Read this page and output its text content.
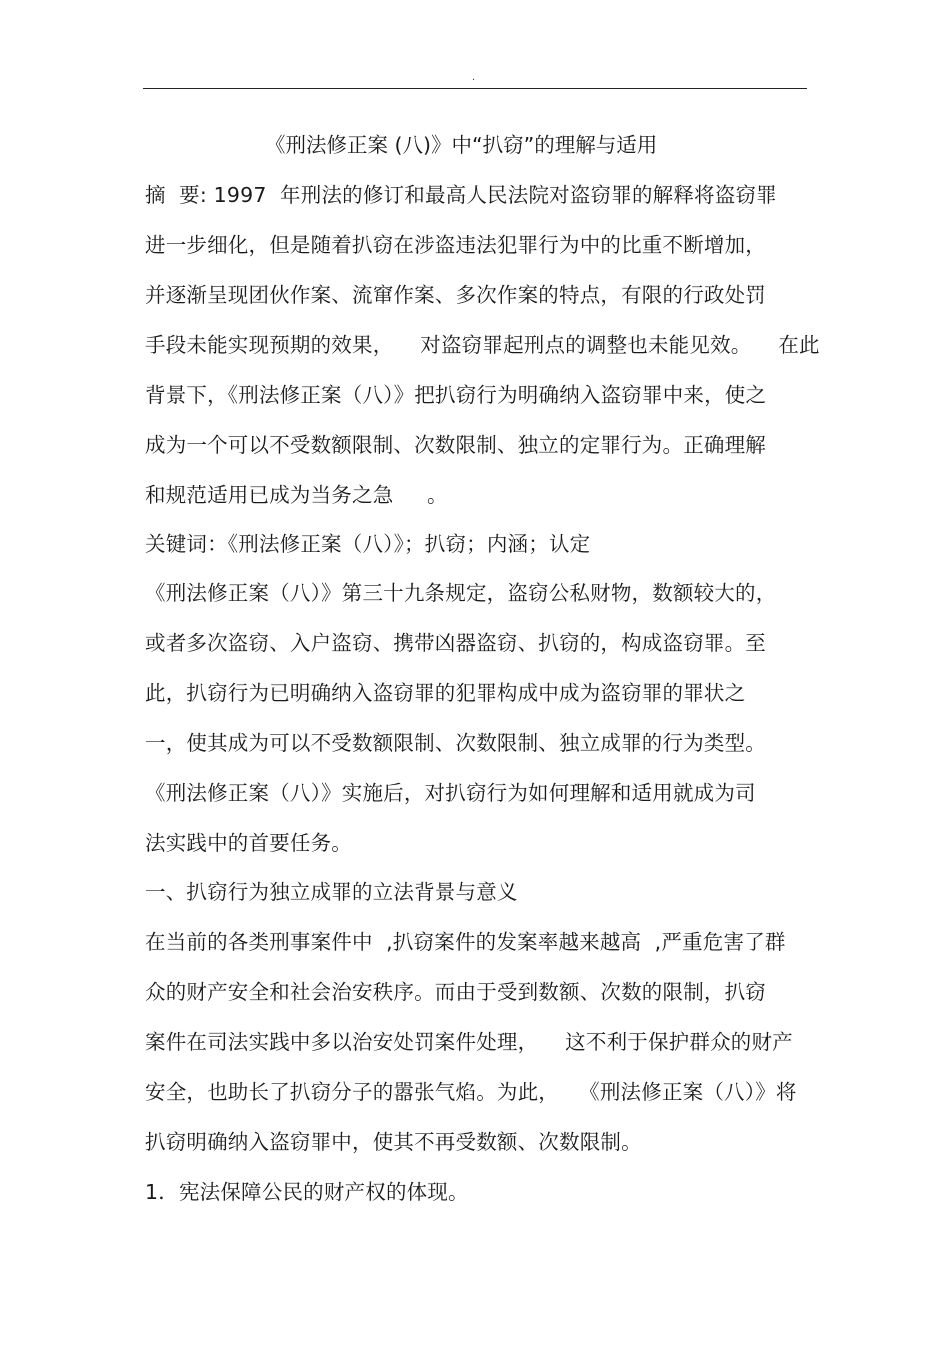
.
《刑法修正案 (八)》中“扒窃”的理解与适用
摘  要: 1997  年刑法的修订和最高人民法院对盗窃罪的解释将盗窃罪
进一步细化，但是随着扒窃在涉盗违法犯罪行为中的比重不断增加，
并逐渐呈现团伙作案、流窜作案、多次作案的特点，有限的行政处罚
手段未能实现预期的效果，    对盗窃罪起刑点的调整也未能见效。    在此
背景下，《刑法修正案（八）》把扒窃行为明确纳入盗窃罪中来，使之
成为一个可以不受数额限制、次数限制、独立的定罪行为。正确理解
和规范适用已成为当务之急     。
关键词：《刑法修正案（八）》；扒窃；内涵；认定
《刑法修正案（八）》第三十九条规定，盗窃公私财物，数额较大的，
或者多次盗窃、入户盗窃、携带凶器盗窃、扒窃的，构成盗窃罪。至
此，扒窃行为已明确纳入盗窃罪的犯罪构成中成为盗窃罪的罪状之
一，使其成为可以不受数额限制、次数限制、独立成罪的行为类型。
《刑法修正案（八）》实施后，对扒窃行为如何理解和适用就成为司
法实践中的首要任务。
一、扒窃行为独立成罪的立法背景与意义
在当前的各类刑事案件中  ,扒窃案件的发案率越来越高  ,严重危害了群
众的财产安全和社会治安秩序。而由于受到数额、次数的限制，扒窃
案件在司法实践中多以治安处罚案件处理，    这不利于保护群众的财产
安全，也助长了扒窃分子的嚣张气焰。为此，   《刑法修正案（八）》将
扒窃明确纳入盗窃罪中，使其不再受数额、次数限制。
1．宪法保障公民的财产权的体现。
